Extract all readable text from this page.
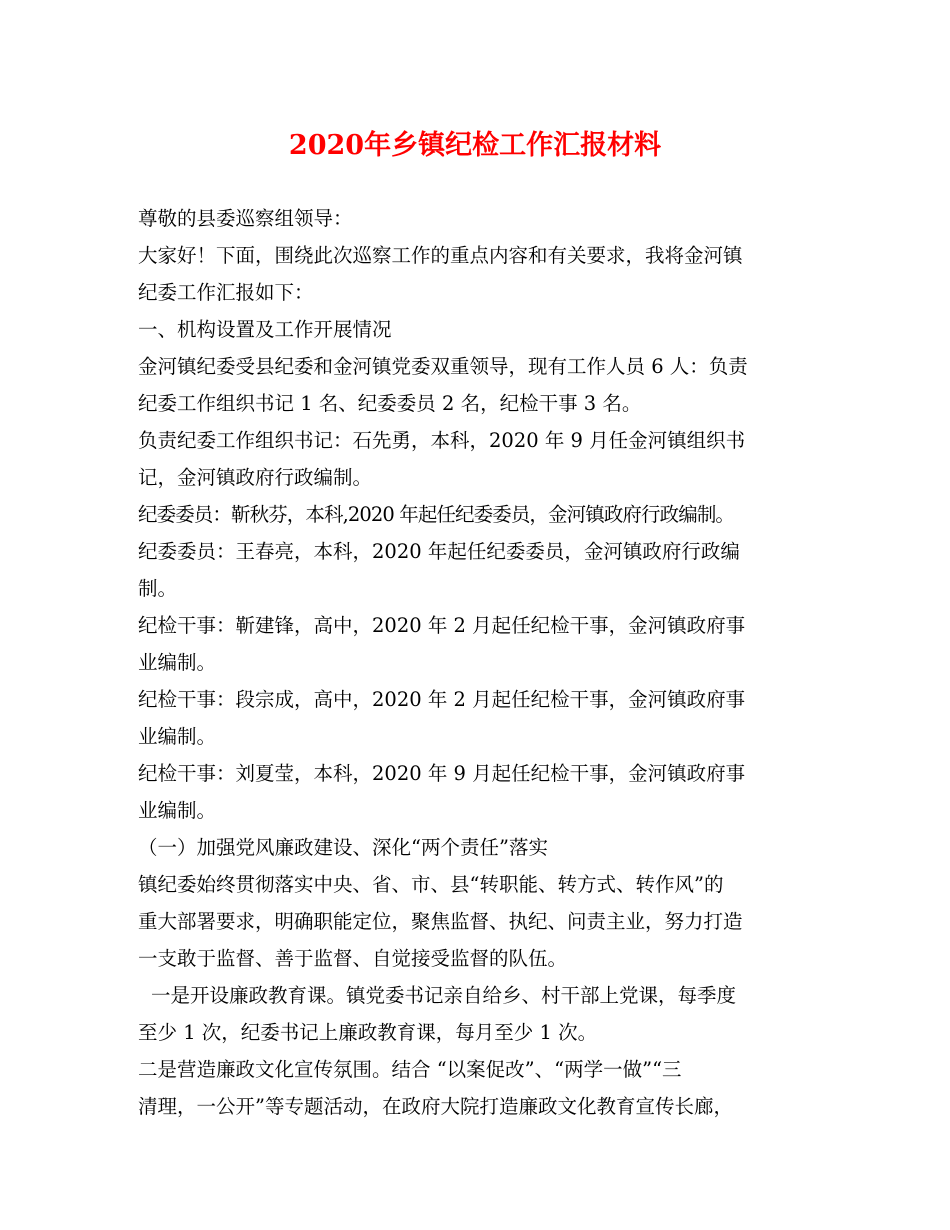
2020年乡镇纪检工作汇报材料

尊敬的县委巡察组领导：

大家好！下面，围绕此次巡察工作的重点内容和有关要求，我将金河镇

纪委工作汇报如下：

一、机构设置及工作开展情况

金河镇纪委受县纪委和金河镇党委双重领导，现有工作人员 6 人：负责

纪委工作组织书记 1 名、纪委委员 2 名，纪检干事 3 名。

负责纪委工作组织书记：石先勇，本科，2020 年 9 月任金河镇组织书

记，金河镇政府行政编制。

纪委委员：靳秋芬，本科,2020 年起任纪委委员，金河镇政府行政编制。

纪委委员：王春亮，本科，2020 年起任纪委委员，金河镇政府行政编

制。

纪检干事：靳建锋，高中，2020 年 2 月起任纪检干事，金河镇政府事

业编制。

纪检干事：段宗成，高中，2020 年 2 月起任纪检干事，金河镇政府事

业编制。

纪检干事：刘夏莹，本科，2020 年 9 月起任纪检干事，金河镇政府事

业编制。

（一）加强党风廉政建设、深化“两个责任”落实

镇纪委始终贯彻落实中央、省、市、县“转职能、转方式、转作风”的

重大部署要求，明确职能定位，聚焦监督、执纪、问责主业，努力打造

一支敢于监督、善于监督、自觉接受监督的队伍。

一是开设廉政教育课。镇党委书记亲自给乡、村干部上党课，每季度

至少 1 次，纪委书记上廉政教育课，每月至少 1 次。

二是营造廉政文化宣传氛围。结合 “以案促改”、“两学一做”“三

清理，一公开”等专题活动，在政府大院打造廉政文化教育宣传长廊，
